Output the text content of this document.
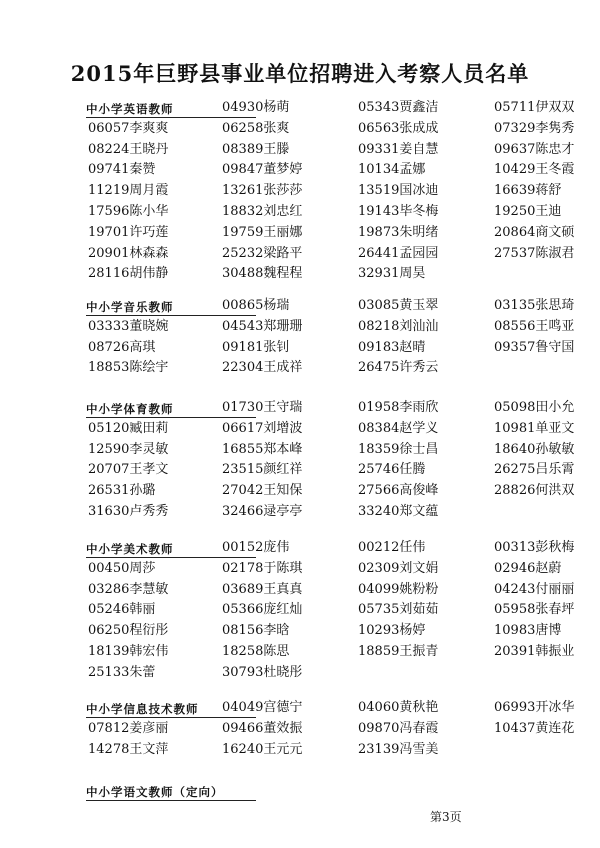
2015年巨野县事业单位招聘进入考察人员名单
中小学英语教师	04930杨萌	05343贾鑫洁	05711伊双双
06057李爽爽	06258张爽	06563张成成	07329李隽秀
08224王晓丹	08389王滕	09331姜自慧	09637陈忠才
09741秦赞	09847董梦婷	10134孟娜	10429王冬霞
11219周月霞	13261张莎莎	13519国冰迪	16639蒋舒
17596陈小华	18832刘忠红	19143毕冬梅	19250王迪
19701许巧莲	19759王丽娜	19873朱明绪	20864商文硕
20901林森森	25232梁路平	26441孟园园	27537陈淑君
28116胡伟静	30488魏程程	32931周昊
中小学音乐教师	00865杨瑞	03085黄玉翠	03135张思琦
03333董晓婉	04543郑珊珊	08218刘汕汕	08556王鸣亚
08726高琪	09181张钊	09183赵晴	09357鲁守国
18853陈绘宇	22304王成祥	26475许秀云
中小学体育教师	01730王守瑞	01958李雨欣	05098田小允
05120臧田莉	06617刘增波	08384赵学义	10981单亚文
12590李灵敏	16855郑本峰	18359徐士昌	18640孙敏敏
20707王孝文	23515颜红祥	25746任腾	26275吕乐霄
26531孙璐	27042王知保	27566高俊峰	28826何洪双
31630卢秀秀	32466逯亭亭	33240郑文蕴
中小学美术教师	00152庞伟	00212任伟	00313彭秋梅
00450周莎	02178于陈琪	02309刘文娟	02946赵蔚
03286李慧敏	03689王真真	04099姚粉粉	04243付丽丽
05246韩丽	05366庞红灿	05735刘茹茹	05958张春坪
06250程衍彤	08156李晗	10293杨婷	10983唐博
18139韩宏伟	18258陈思	18859王振青	20391韩振业
25133朱蕾	30793杜晓彤
中小学信息技术教师 04049宫德宁	04060黄秋艳	06993开冰华
07812姜彦丽	09466董效振	09870冯春霞	10437黄连花
14278王文萍	16240王元元	23139冯雪美
中小学语文教师（定向）
第3页
